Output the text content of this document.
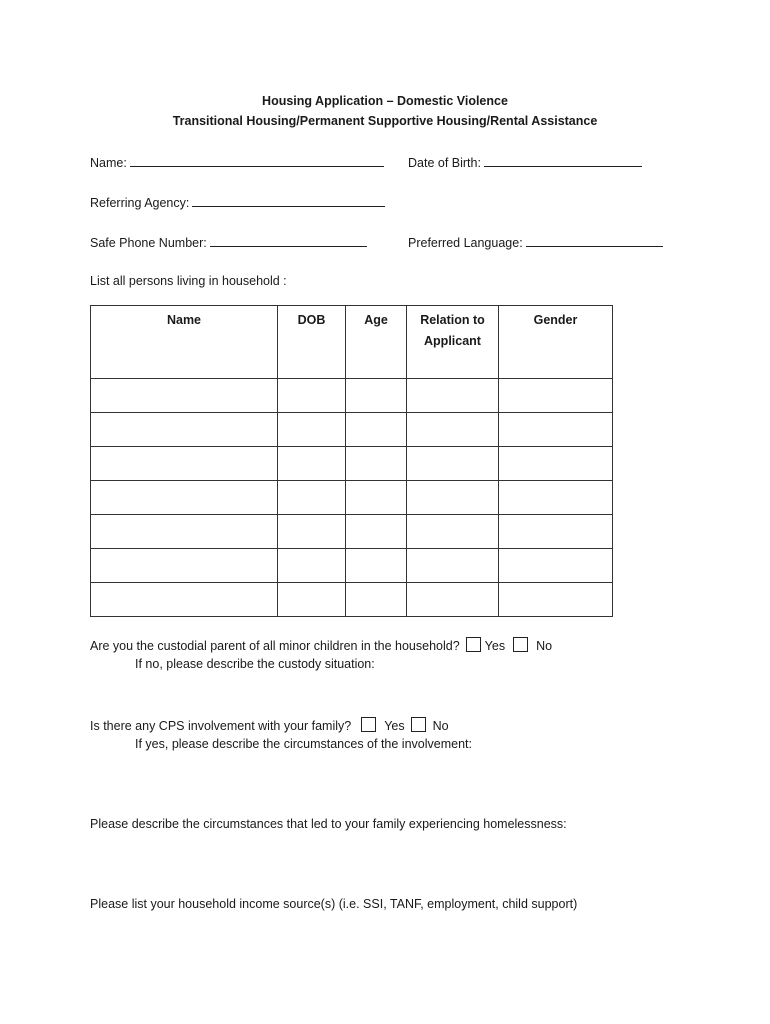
Housing Application – Domestic Violence
Transitional Housing/Permanent Supportive Housing/Rental Assistance
Name:	Date of Birth:
Referring Agency:
Safe Phone Number:	Preferred Language:
List all persons living in household :
Name	DOB	Age	Relation to Applicant	Gender

Are you the custodial parent of all minor children in the household? Yes No
If no, please describe the custody situation:
Is there any CPS involvement with your family?	Yes No
If yes, please describe the circumstances of the involvement:
Please describe the circumstances that led to your family experiencing homelessness:
Please list your household income source(s) (i.e. SSI, TANF, employment, child support)
